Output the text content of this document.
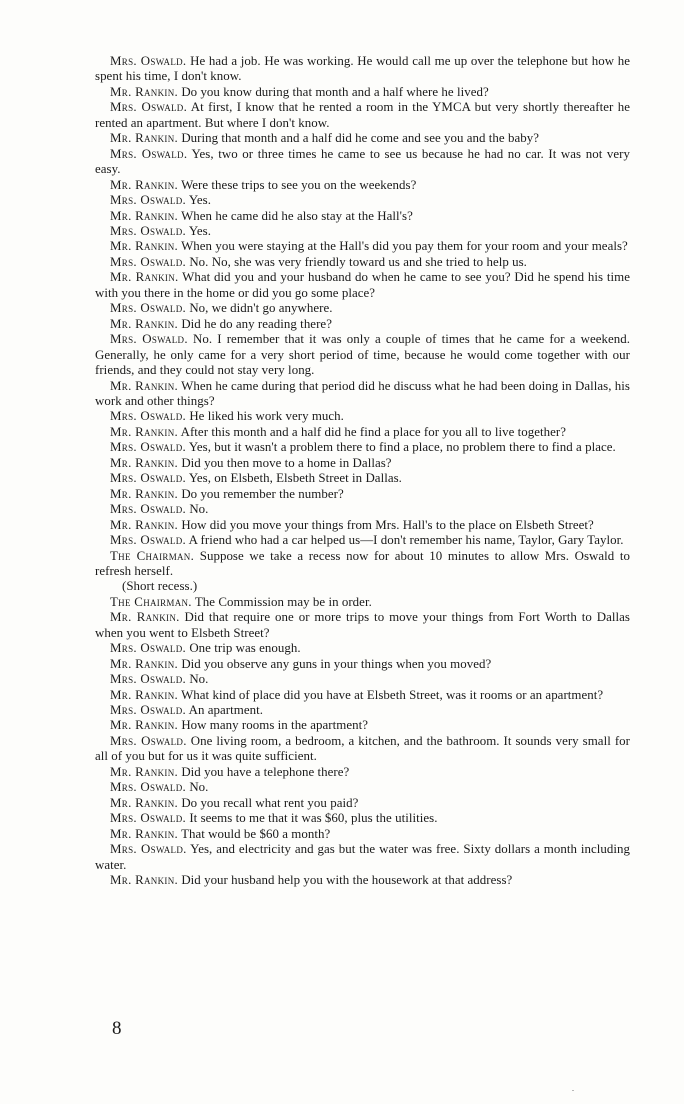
Mrs. Oswald. He had a job. He was working. He would call me up over the telephone but how he spent his time, I don't know.

Mr. Rankin. Do you know during that month and a half where he lived?

Mrs. Oswald. At first, I know that he rented a room in the YMCA but very shortly thereafter he rented an apartment. But where I don't know.

Mr. Rankin. During that month and a half did he come and see you and the baby?

Mrs. Oswald. Yes, two or three times he came to see us because he had no car. It was not very easy.

Mr. Rankin. Were these trips to see you on the weekends?

Mrs. Oswald. Yes.

Mr. Rankin. When he came did he also stay at the Hall's?

Mrs. Oswald. Yes.

Mr. Rankin. When you were staying at the Hall's did you pay them for your room and your meals?

Mrs. Oswald. No. No, she was very friendly toward us and she tried to help us.

Mr. Rankin. What did you and your husband do when he came to see you? Did he spend his time with you there in the home or did you go some place?

Mrs. Oswald. No, we didn't go anywhere.

Mr. Rankin. Did he do any reading there?

Mrs. Oswald. No. I remember that it was only a couple of times that he came for a weekend. Generally, he only came for a very short period of time, because he would come together with our friends, and they could not stay very long.

Mr. Rankin. When he came during that period did he discuss what he had been doing in Dallas, his work and other things?

Mrs. Oswald. He liked his work very much.

Mr. Rankin. After this month and a half did he find a place for you all to live together?

Mrs. Oswald. Yes, but it wasn't a problem there to find a place, no problem there to find a place.

Mr. Rankin. Did you then move to a home in Dallas?

Mrs. Oswald. Yes, on Elsbeth, Elsbeth Street in Dallas.

Mr. Rankin. Do you remember the number?

Mrs. Oswald. No.

Mr. Rankin. How did you move your things from Mrs. Hall's to the place on Elsbeth Street?

Mrs. Oswald. A friend who had a car helped us—I don't remember his name, Taylor, Gary Taylor.

The Chairman. Suppose we take a recess now for about 10 minutes to allow Mrs. Oswald to refresh herself.

(Short recess.)

The Chairman. The Commission may be in order.

Mr. Rankin. Did that require one or more trips to move your things from Fort Worth to Dallas when you went to Elsbeth Street?

Mrs. Oswald. One trip was enough.

Mr. Rankin. Did you observe any guns in your things when you moved?

Mrs. Oswald. No.

Mr. Rankin. What kind of place did you have at Elsbeth Street, was it rooms or an apartment?

Mrs. Oswald. An apartment.

Mr. Rankin. How many rooms in the apartment?

Mrs. Oswald. One living room, a bedroom, a kitchen, and the bathroom. It sounds very small for all of you but for us it was quite sufficient.

Mr. Rankin. Did you have a telephone there?

Mrs. Oswald. No.

Mr. Rankin. Do you recall what rent you paid?

Mrs. Oswald. It seems to me that it was $60, plus the utilities.

Mr. Rankin. That would be $60 a month?

Mrs. Oswald. Yes, and electricity and gas but the water was free. Sixty dollars a month including water.

Mr. Rankin. Did your husband help you with the housework at that address?

8
